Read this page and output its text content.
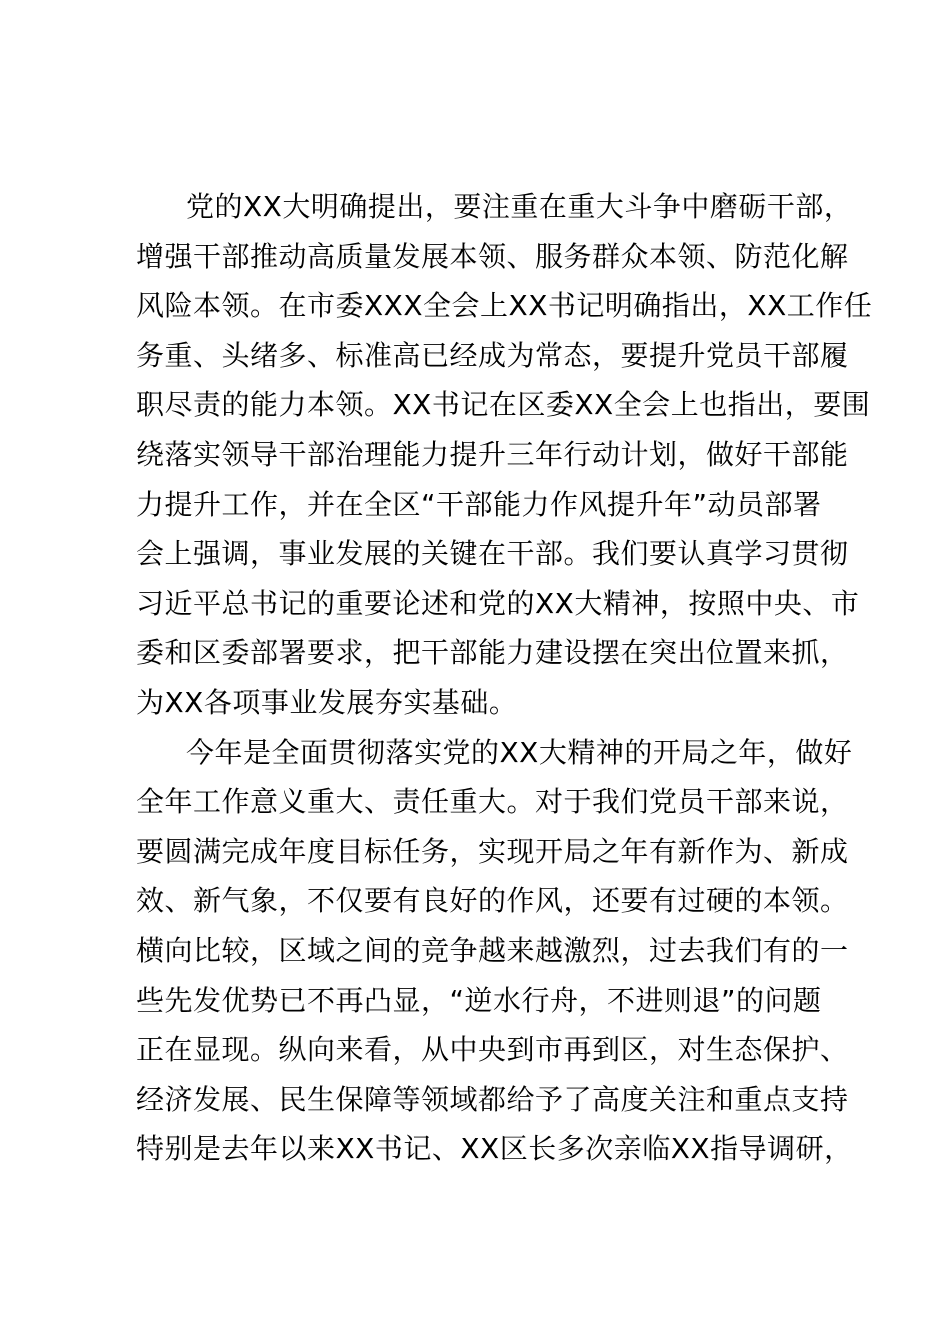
党的XX大明确提出，要注重在重大斗争中磨砺干部，
增强干部推动高质量发展本领、服务群众本领、防范化解
风险本领。在市委XXX全会上XX书记明确指出，XX工作任
务重、头绪多、标准高已经成为常态，要提升党员干部履
职尽责的能力本领。XX书记在区委XX全会上也指出，要围
绕落实领导干部治理能力提升三年行动计划，做好干部能
力提升工作，并在全区“干部能力作风提升年”动员部署
会上强调，事业发展的关键在干部。我们要认真学习贯彻
习近平总书记的重要论述和党的XX大精神，按照中央、市
委和区委部署要求，把干部能力建设摆在突出位置来抓，
为XX各项事业发展夯实基础。
今年是全面贯彻落实党的XX大精神的开局之年，做好
全年工作意义重大、责任重大。对于我们党员干部来说，
要圆满完成年度目标任务，实现开局之年有新作为、新成
效、新气象，不仅要有良好的作风，还要有过硬的本领。
横向比较，区域之间的竞争越来越激烈，过去我们有的一
些先发优势已不再凸显，“逆水行舟，不进则退”的问题
正在显现。纵向来看，从中央到市再到区，对生态保护、
经济发展、民生保障等领域都给予了高度关注和重点支持
特别是去年以来XX书记、XX区长多次亲临XX指导调研，
